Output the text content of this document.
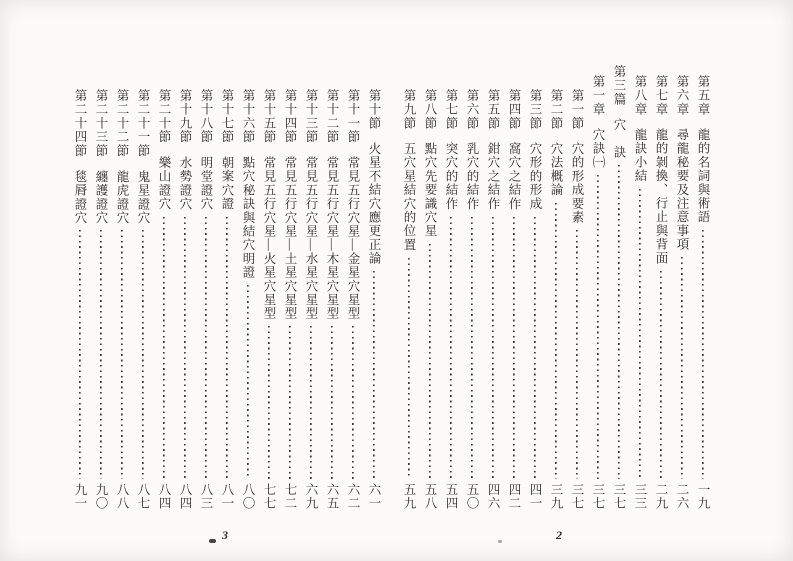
第五章
龍的名詞與術語
一九
第六章
尋龍秘要及注意事項
二六
第七章
龍的剝換、行止與背面
二九
第八章
龍訣小結
三三
第三篇
穴　訣
三七
第一章
穴訣㈠
三七
第一節
穴的形成要素
三七
第二節
穴法概論
三九
第三節
穴形的形成
四一
第四節
窩穴之結作
四二
第五節
鉗穴之結作
四六
第六節
乳穴的結作
五〇
第七節
突穴的結作
五四
第八節
點穴先要識穴星
五八
第九節
五穴星結穴的位置
五九
第十節
火星不結穴應更正論
六一
第十一節
常見五行穴星—金星穴星型
六二
第十二節
常見五行穴星—木星穴星型
六五
第十三節
常見五行穴星—水星穴星型
六九
第十四節
常見五行穴星—土星穴星型
七二
第十五節
常見五行穴星—火星穴星型
七七
第十六節
點穴秘訣與結穴明證
八〇
第十七節
朝案穴證
八一
第十八節
明堂證穴
八三
第十九節
水勢證穴
八四
第二十節
樂山證穴
八四
第二十一節
鬼星證穴
八七
第二十二節
龍虎證穴
八八
第二十三節
纏護證穴
九〇
第二十四節
毯脣證穴
九一
3	2
